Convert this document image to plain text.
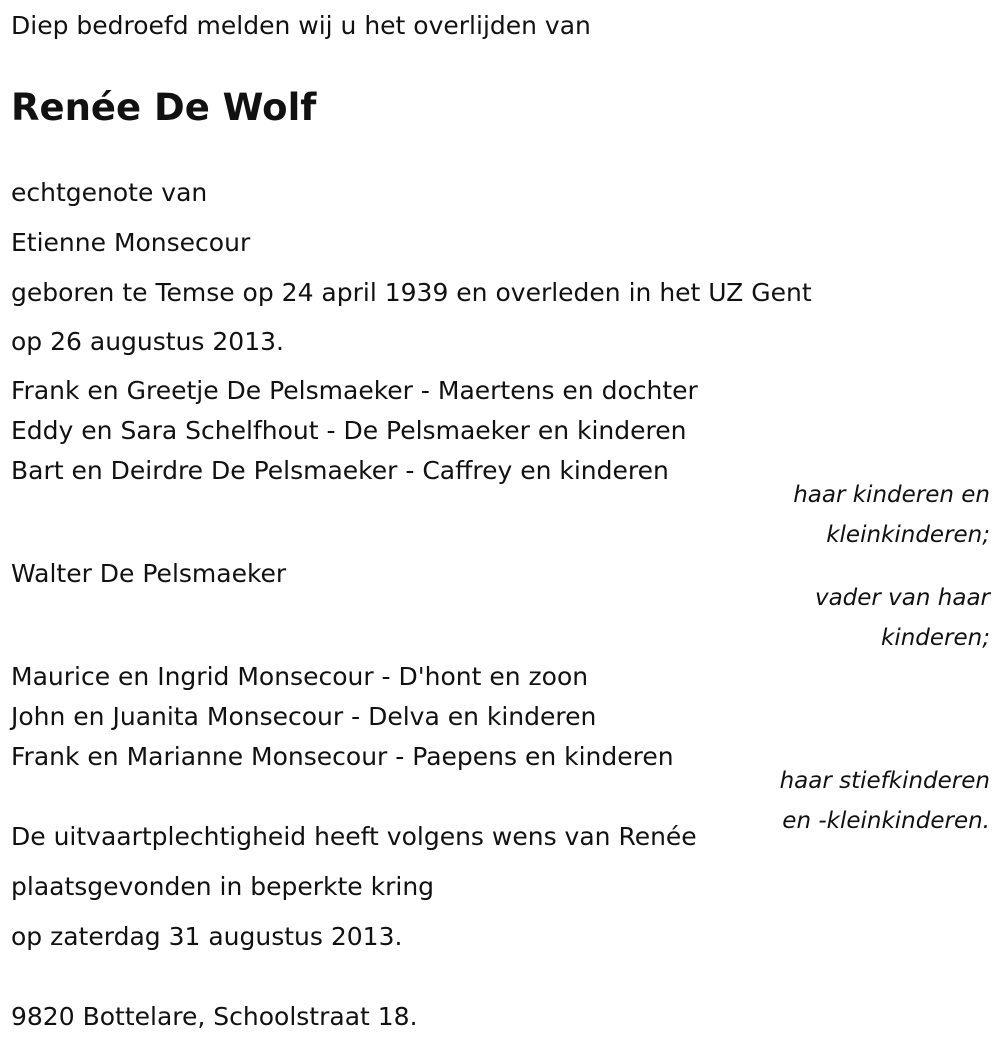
Diep bedroefd melden wij u het overlijden van

Renée De Wolf

echtgenote van

Etienne Monsecour

geboren te Temse op 24 april 1939 en overleden in het UZ Gent

op 26 augustus 2013.

Frank en Greetje De Pelsmaeker - Maertens en dochter

Eddy en Sara Schelfhout - De Pelsmaeker en kinderen

Bart en Deirdre De Pelsmaeker - Caffrey en kinderen

haar kinderen en

kleinkinderen;

Walter De Pelsmaeker

vader van haar

kinderen;

Maurice en Ingrid Monsecour - D'hont en zoon

John en Juanita Monsecour - Delva en kinderen

Frank en Marianne Monsecour - Paepens en kinderen

haar stiefkinderen

en -kleinkinderen.

De uitvaartplechtigheid heeft volgens wens van Renée

plaatsgevonden in beperkte kring

op zaterdag 31 augustus 2013.

9820 Bottelare, Schoolstraat 18.
